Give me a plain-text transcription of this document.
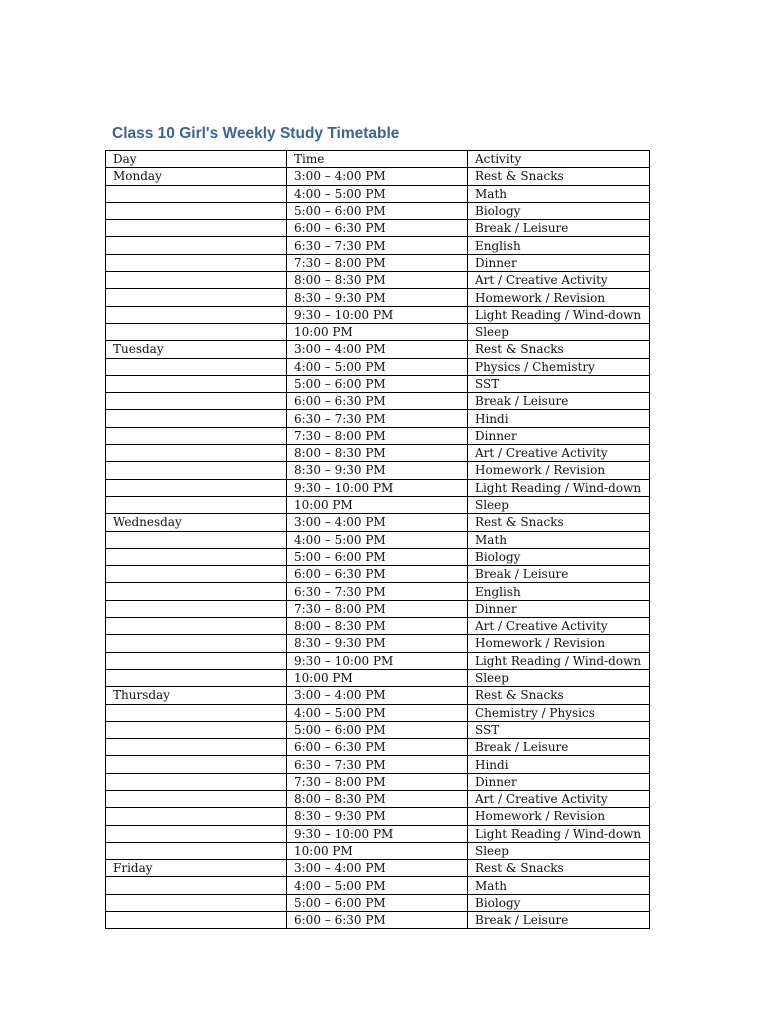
Class 10 Girl's Weekly Study Timetable
Day	Time	Activity
Monday	3:00 – 4:00 PM	Rest & Snacks
	4:00 – 5:00 PM	Math
	5:00 – 6:00 PM	Biology
	6:00 – 6:30 PM	Break / Leisure
	6:30 – 7:30 PM	English
	7:30 – 8:00 PM	Dinner
	8:00 – 8:30 PM	Art / Creative Activity
	8:30 – 9:30 PM	Homework / Revision
	9:30 – 10:00 PM	Light Reading / Wind-down
	10:00 PM	Sleep
Tuesday	3:00 – 4:00 PM	Rest & Snacks
	4:00 – 5:00 PM	Physics / Chemistry
	5:00 – 6:00 PM	SST
	6:00 – 6:30 PM	Break / Leisure
	6:30 – 7:30 PM	Hindi
	7:30 – 8:00 PM	Dinner
	8:00 – 8:30 PM	Art / Creative Activity
	8:30 – 9:30 PM	Homework / Revision
	9:30 – 10:00 PM	Light Reading / Wind-down
	10:00 PM	Sleep
Wednesday	3:00 – 4:00 PM	Rest & Snacks
	4:00 – 5:00 PM	Math
	5:00 – 6:00 PM	Biology
	6:00 – 6:30 PM	Break / Leisure
	6:30 – 7:30 PM	English
	7:30 – 8:00 PM	Dinner
	8:00 – 8:30 PM	Art / Creative Activity
	8:30 – 9:30 PM	Homework / Revision
	9:30 – 10:00 PM	Light Reading / Wind-down
	10:00 PM	Sleep
Thursday	3:00 – 4:00 PM	Rest & Snacks
	4:00 – 5:00 PM	Chemistry / Physics
	5:00 – 6:00 PM	SST
	6:00 – 6:30 PM	Break / Leisure
	6:30 – 7:30 PM	Hindi
	7:30 – 8:00 PM	Dinner
	8:00 – 8:30 PM	Art / Creative Activity
	8:30 – 9:30 PM	Homework / Revision
	9:30 – 10:00 PM	Light Reading / Wind-down
	10:00 PM	Sleep
Friday	3:00 – 4:00 PM	Rest & Snacks
	4:00 – 5:00 PM	Math
	5:00 – 6:00 PM	Biology
	6:00 – 6:30 PM	Break / Leisure
